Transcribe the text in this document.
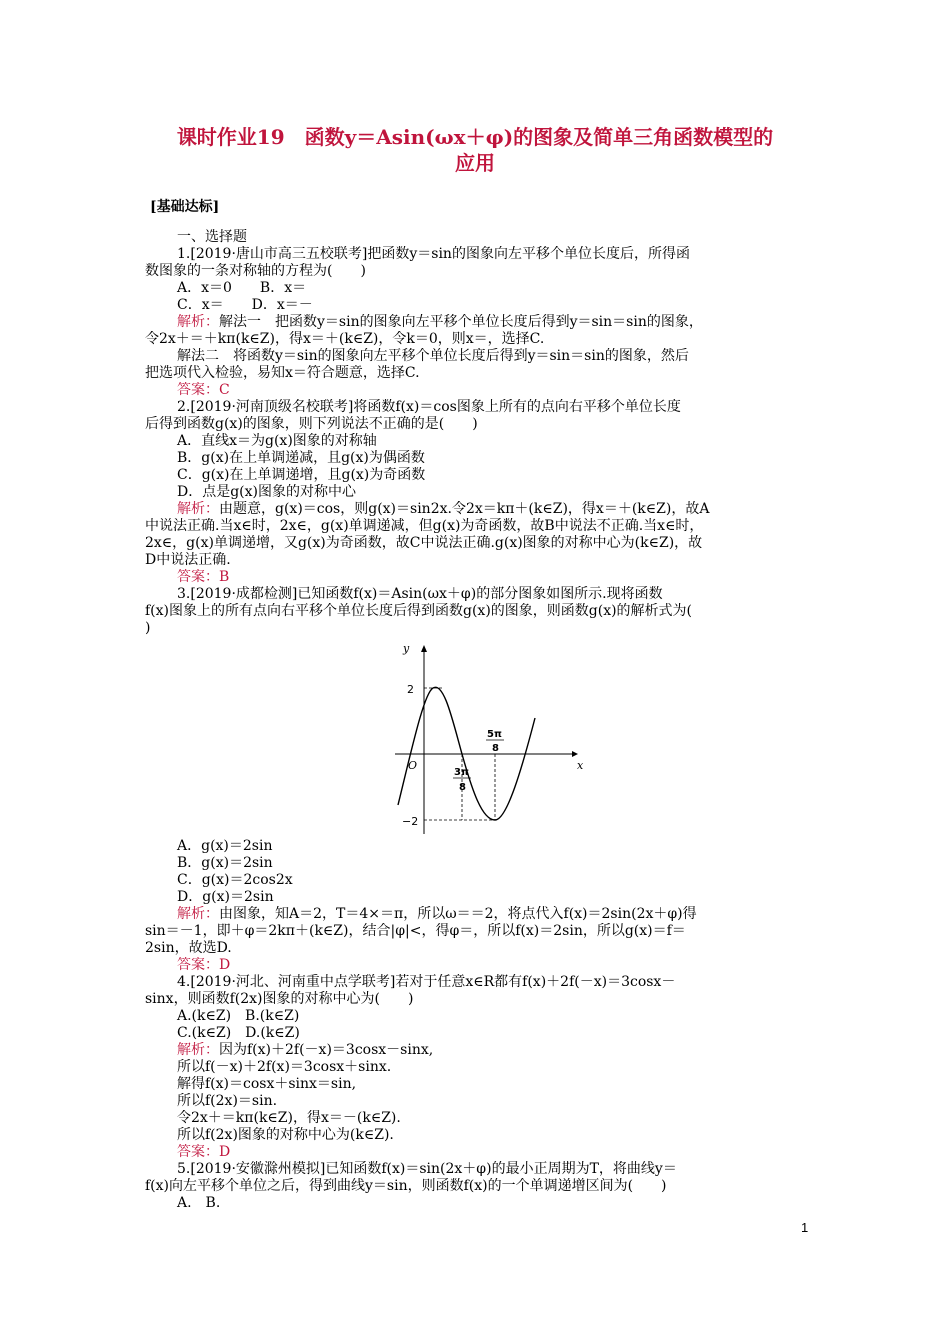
课时作业19　函数y＝Asin(ωx＋φ)的图象及简单三角函数模型的
应用
[基础达标]
一、选择题
1.[2019·唐山市高三五校联考]把函数y＝sin的图象向左平移个单位长度后，所得函
数图象的一条对称轴的方程为(　　)
A．x＝0　　B．x＝
C．x＝　　D．x＝－
解析：解法一　把函数y＝sin的图象向左平移个单位长度后得到y＝sin＝sin的图象，
令2x＋＝＋kπ(k∈Z)，得x＝＋(k∈Z)，令k＝0，则x＝，选择C.
解法二　将函数y＝sin的图象向左平移个单位长度后得到y＝sin＝sin的图象，然后
把选项代入检验，易知x＝符合题意，选择C.
答案：C
2.[2019·河南顶级名校联考]将函数f(x)＝cos图象上所有的点向右平移个单位长度
后得到函数g(x)的图象，则下列说法不正确的是(　　)
A．直线x＝为g(x)图象的对称轴
B．g(x)在上单调递减，且g(x)为偶函数
C．g(x)在上单调递增，且g(x)为奇函数
D．点是g(x)图象的对称中心
解析：由题意，g(x)＝cos，则g(x)＝sin2x.令2x＝kπ＋(k∈Z)，得x＝＋(k∈Z)，故A
中说法正确.当x∈时，2x∈，g(x)单调递减，但g(x)为奇函数，故B中说法不正确.当x∈时，
2x∈，g(x)单调递增，又g(x)为奇函数，故C中说法正确.g(x)图象的对称中心为(k∈Z)，故
D中说法正确.
答案：B
3.[2019·成都检测]已知函数f(x)＝Asin(ωx＋φ)的部分图象如图所示.现将函数
f(x)图象上的所有点向右平移个单位长度后得到函数g(x)的图象，则函数g(x)的解析式为(
)
y
x
O
2
−2
3π
8
5π
8
A．g(x)＝2sin
B．g(x)＝2sin
C．g(x)＝2cos2x
D．g(x)＝2sin
解析：由图象，知A＝2，T＝4×＝π，所以ω＝＝2，将点代入f(x)＝2sin(2x＋φ)得
sin＝－1，即＋φ＝2kπ＋(k∈Z)，结合|φ|<，得φ＝，所以f(x)＝2sin，所以g(x)＝f＝
2sin，故选D.
答案：D
4.[2019·河北、河南重中点学联考]若对于任意x∈R都有f(x)＋2f(－x)＝3cosx－
sinx，则函数f(2x)图象的对称中心为(　　)
A.(k∈Z)　B.(k∈Z)
C.(k∈Z)　D.(k∈Z)
解析：因为f(x)＋2f(－x)＝3cosx－sinx,
所以f(－x)＋2f(x)＝3cosx＋sinx.
解得f(x)＝cosx＋sinx＝sin,
所以f(2x)＝sin.
令2x＋＝kπ(k∈Z)，得x＝－(k∈Z).
所以f(2x)图象的对称中心为(k∈Z).
答案：D
5.[2019·安徽滁州模拟]已知函数f(x)＝sin(2x＋φ)的最小正周期为T，将曲线y＝
f(x)向左平移个单位之后，得到曲线y＝sin，则函数f(x)的一个单调递增区间为(　　)
A.　B.
1
